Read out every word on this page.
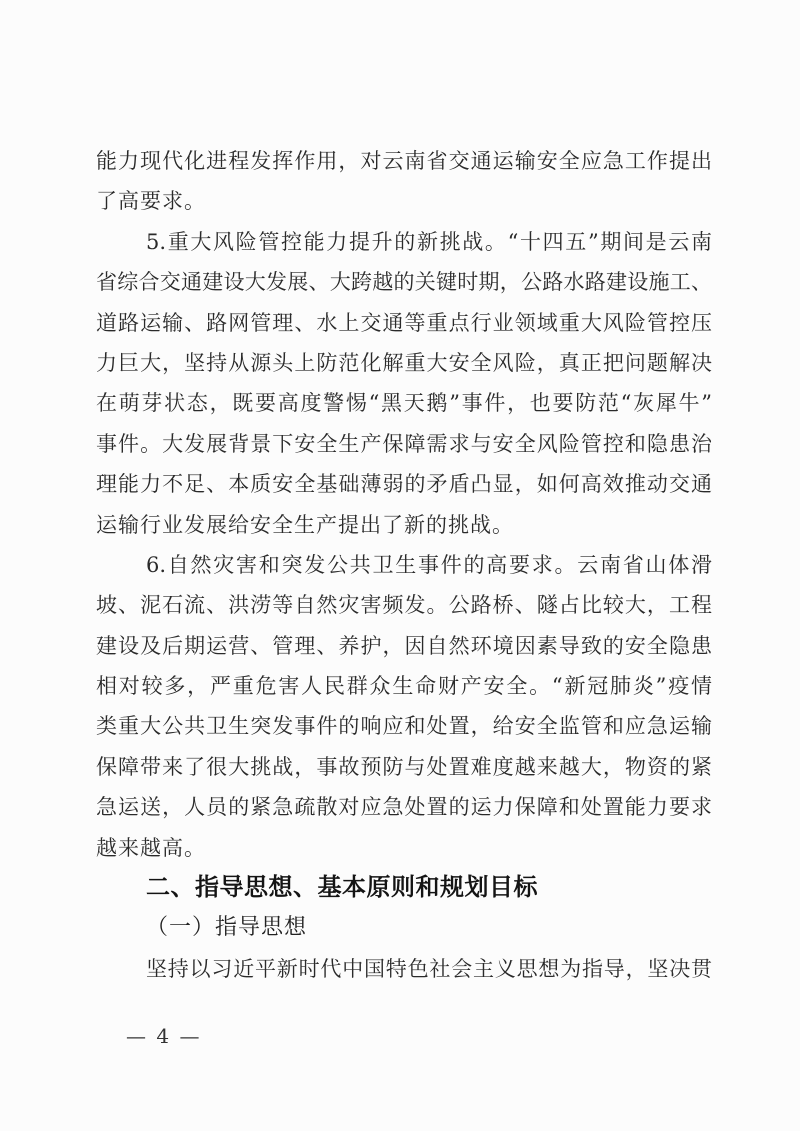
能力现代化进程发挥作用，对云南省交通运输安全应急工作提出
了高要求。
5.重大风险管控能力提升的新挑战。“十四五”期间是云南
省综合交通建设大发展、大跨越的关键时期，公路水路建设施工、
道路运输、路网管理、水上交通等重点行业领域重大风险管控压
力巨大，坚持从源头上防范化解重大安全风险，真正把问题解决
在萌芽状态，既要高度警惕“黑天鹅”事件，也要防范“灰犀牛”
事件。大发展背景下安全生产保障需求与安全风险管控和隐患治
理能力不足、本质安全基础薄弱的矛盾凸显，如何高效推动交通
运输行业发展给安全生产提出了新的挑战。
6.自然灾害和突发公共卫生事件的高要求。云南省山体滑
坡、泥石流、洪涝等自然灾害频发。公路桥、隧占比较大，工程
建设及后期运营、管理、养护，因自然环境因素导致的安全隐患
相对较多，严重危害人民群众生命财产安全。“新冠肺炎”疫情
类重大公共卫生突发事件的响应和处置，给安全监管和应急运输
保障带来了很大挑战，事故预防与处置难度越来越大，物资的紧
急运送，人员的紧急疏散对应急处置的运力保障和处置能力要求
越来越高。
二、指导思想、基本原则和规划目标
（一）指导思想
坚持以习近平新时代中国特色社会主义思想为指导，坚决贯
— 4 —
